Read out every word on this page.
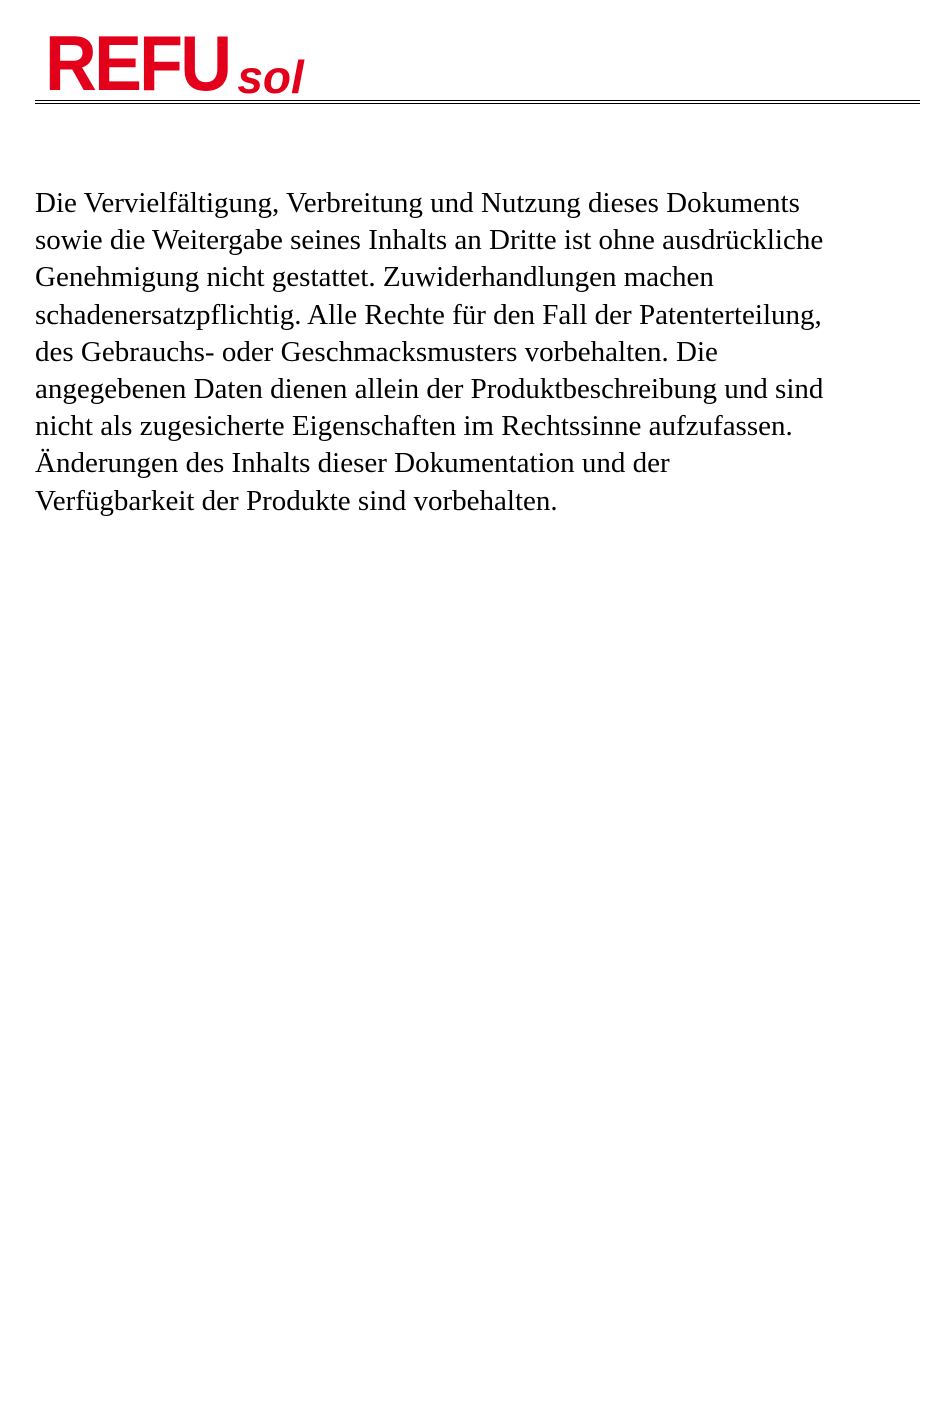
REFU sol

Die Vervielfältigung, Verbreitung und Nutzung dieses Dokuments
sowie die Weitergabe seines Inhalts an Dritte ist ohne ausdrückliche
Genehmigung nicht gestattet. Zuwiderhandlungen machen
schadenersatzpflichtig. Alle Rechte für den Fall der Patenterteilung,
des Gebrauchs- oder Geschmacksmusters vorbehalten. Die
angegebenen Daten dienen allein der Produktbeschreibung und sind
nicht als zugesicherte Eigenschaften im Rechtssinne aufzufassen.
Änderungen des Inhalts dieser Dokumentation und der
Verfügbarkeit der Produkte sind vorbehalten.
